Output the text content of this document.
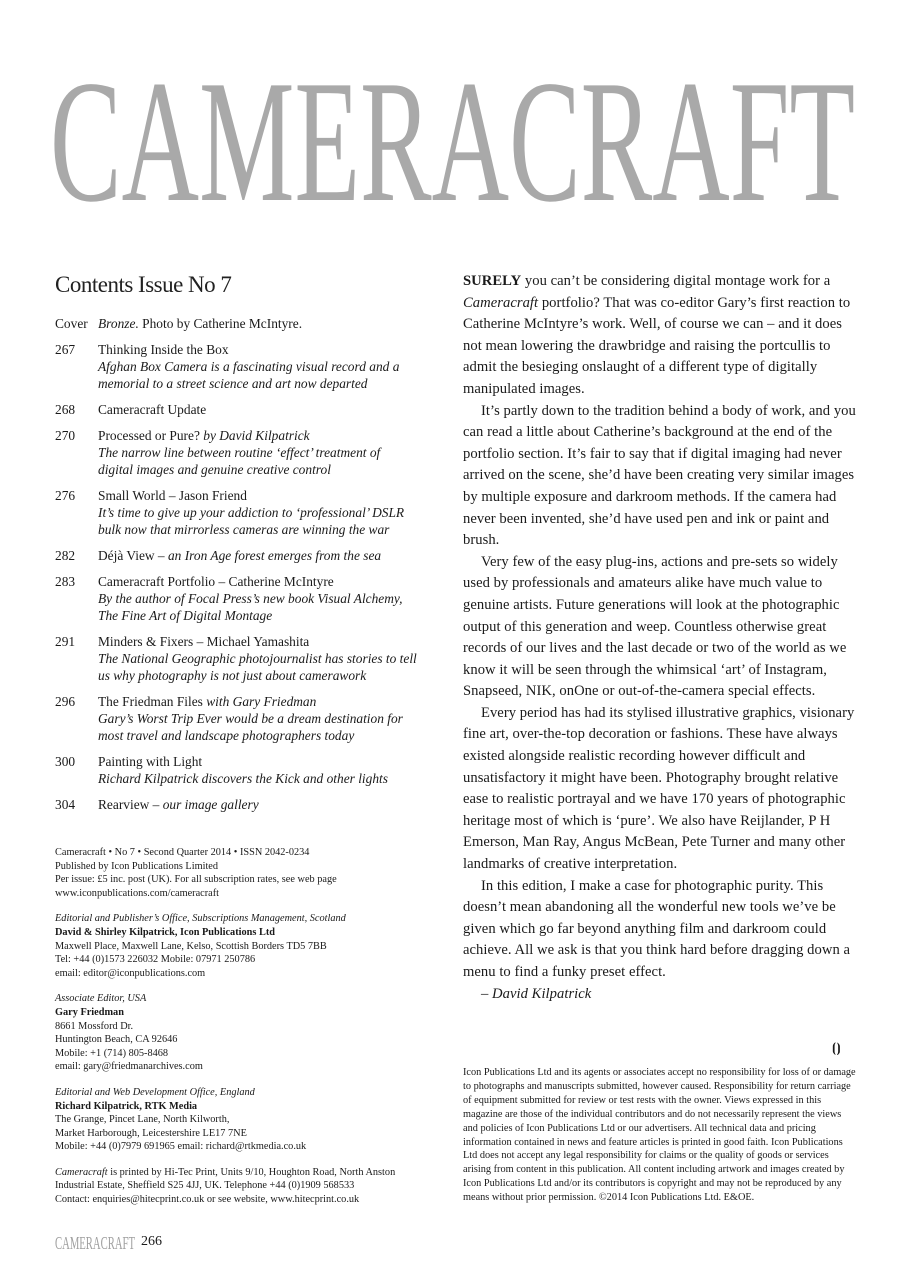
CAMERACRAFT
Contents Issue No 7
Cover Bronze. Photo by Catherine McIntyre.
267	Thinking Inside the Box
Afghan Box Camera is a fascinating visual record and a
memorial to a street science and art now departed
268	Cameracraft Update
270	Processed or Pure? by David Kilpatrick
The narrow line between routine ‘effect’ treatment of
digital images and genuine creative control
276	Small World – Jason Friend
It’s time to give up your addiction to ‘professional’ DSLR
bulk now that mirrorless cameras are winning the war
282	Déjà View – an Iron Age forest emerges from the sea
283	Cameracraft Portfolio – Catherine McIntyre
By the author of Focal Press’s new book Visual Alchemy,
The Fine Art of Digital Montage
291	Minders & Fixers – Michael Yamashita
The National Geographic photojournalist has stories to tell
us why photography is not just about camerawork
296	The Friedman Files with Gary Friedman
Gary’s Worst Trip Ever would be a dream destination for
most travel and landscape photographers today
300	Painting with Light
Richard Kilpatrick discovers the Kick and other lights
304	Rearview – our image gallery

Cameracraft • No 7 • Second Quarter 2014 • ISSN 2042-0234
Published by Icon Publications Limited
Per issue: £5 inc. post (UK). For all subscription rates, see web page
www.iconpublications.com/cameracraft

Editorial and Publisher’s Office, Subscriptions Management, Scotland
David & Shirley Kilpatrick, Icon Publications Ltd
Maxwell Place, Maxwell Lane, Kelso, Scottish Borders TD5 7BB
Tel: +44 (0)1573 226032 Mobile: 07971 250786
email: editor@iconpublications.com

Associate Editor, USA
Gary Friedman
8661 Mossford Dr.
Huntington Beach, CA 92646
Mobile: +1 (714) 805-8468
email: gary@friedmanarchives.com

Editorial and Web Development Office, England
Richard Kilpatrick, RTK Media
The Grange, Pincet Lane, North Kilworth,
Market Harborough, Leicestershire LE17 7NE
Mobile: +44 (0)7979 691965 email: richard@rtkmedia.co.uk

Cameracraft is printed by Hi-Tec Print, Units 9/10, Houghton Road, North Anston
Industrial Estate, Sheffield S25 4JJ, UK. Telephone +44 (0)1909 568533
Contact: enquiries@hitecprint.co.uk or see website, www.hitecprint.co.uk

SURELY you can’t be considering digital montage work for a Cameracraft portfolio? That was co-editor Gary’s first reaction to Catherine McIntyre’s work. Well, of course we can – and it does not mean lowering the drawbridge and raising the portcullis to admit the besieging onslaught of a different type of digitally manipulated images.

It’s partly down to the tradition behind a body of work, and you can read a little about Catherine’s background at the end of the portfolio section. It’s fair to say that if digital imaging had never arrived on the scene, she’d have been creating very similar images by multiple exposure and darkroom methods. If the camera had never been invented, she’d have used pen and ink or paint and brush.

Very few of the easy plug-ins, actions and pre-sets so widely used by professionals and amateurs alike have much value to genuine artists. Future generations will look at the photographic output of this generation and weep. Countless otherwise great records of our lives and the last decade or two of the world as we know it will be seen through the whimsical ‘art’ of Instagram, Snapseed, NIK, onOne or out-of-the-camera special effects.

Every period has had its stylised illustrative graphics, visionary fine art, over-the-top decoration or fashions. These have always existed alongside realistic recording however difficult and unsatisfactory it might have been. Photography brought relative ease to realistic portrayal and we have 170 years of photographic heritage most of which is ‘pure’. We also have Reijlander, P H Emerson, Man Ray, Angus McBean, Pete Turner and many other landmarks of creative interpretation.

In this edition, I make a case for photographic purity. This doesn’t mean abandoning all the wonderful new tools we’ve be given which go far beyond anything film and darkroom could achieve. All we ask is that you think hard before dragging down a menu to find a funky preset effect.

– David Kilpatrick
⦗⦘
Icon Publications Ltd and its agents or associates accept no responsibility for loss of or damage to photographs and manuscripts submitted, however caused. Responsibility for return carriage of equipment submitted for review or test rests with the owner. Views expressed in this magazine are those of the individual contributors and do not necessarily represent the views and policies of Icon Publications Ltd or our advertisers. All technical data and pricing information contained in news and feature articles is printed in good faith. Icon Publications Ltd does not accept any legal responsibility for claims or the quality of goods or services arising from content in this publication. All content including artwork and images created by Icon Publications Ltd and/or its contributors is copyright and may not be reproduced by any means without prior permission. ©2014 Icon Publications Ltd. E&OE.
CAMERACRAFT 266
